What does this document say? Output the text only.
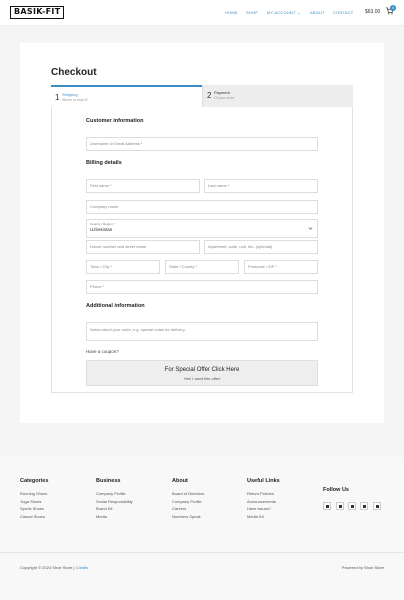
BASIK-FIT	HOME SHOP MY ACCOUNT ⌄ ABOUT CONTACT $63.00
0
Checkout
1 Shipping
Where to ship it?	2 Payment
Of your order
Customer information
Username or Email Address *
Billing details
First name *	Last name *
Company name
Country / Region *
Uzbekistan
House number and street name	Apartment, suite, unit, etc. (optional)
Town / City *	State / County *	Postcode / ZIP *
Phone *
Additional information
Notes about your order, e.g. special notes for delivery.
Have a coupon?
For Special Offer Click Here
Yes! I want this offer!
Categories
Running Shoes
Yoga Shoes
Sports Shoes
Casual Shoes
Business
Company Profile
Social Responsibility
Brand Kit
Media
About
Board of Directors
Company Profile
Careers
Numbers Speak
Useful Links
Return Policies
Announcements
Have issues?
Media Kit
Follow Us
Copyright © 2024 Shoe Store | Credits	Powered by Shoe Store
